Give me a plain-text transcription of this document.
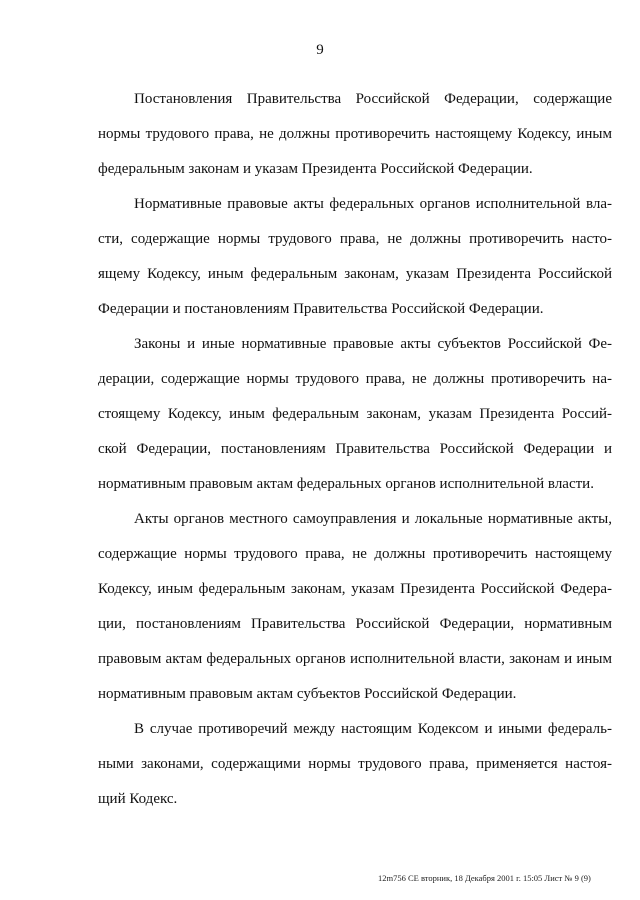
9
Постановления Правительства Российской Федерации, содержащие
нормы трудового права, не должны противоречить настоящему Кодексу, иным
федеральным законам и указам Президента Российской Федерации.
Нормативные правовые акты федеральных органов исполнительной вла-
сти, содержащие нормы трудового права, не должны противоречить насто-
ящему Кодексу, иным федеральным законам, указам Президента Российской
Федерации и постановлениям Правительства Российской Федерации.
Законы и иные нормативные правовые акты субъектов Российской Фе-
дерации, содержащие нормы трудового права, не должны противоречить на-
стоящему Кодексу, иным федеральным законам, указам Президента Россий-
ской Федерации, постановлениям Правительства Российской Федерации и
нормативным правовым актам федеральных органов исполнительной власти.
Акты органов местного самоуправления и локальные нормативные акты,
содержащие нормы трудового права, не должны противоречить настоящему
Кодексу, иным федеральным законам, указам Президента Российской Федера-
ции, постановлениям Правительства Российской Федерации, нормативным
правовым актам федеральных органов исполнительной власти, законам и иным
нормативным правовым актам субъектов Российской Федерации.
В случае противоречий между настоящим Кодексом и иными федераль-
ными законами, содержащими нормы трудового права, применяется настоя-
щий Кодекс.
12m756 CE вторник, 18 Декабря 2001 г. 15:05 Лист № 9 (9)
